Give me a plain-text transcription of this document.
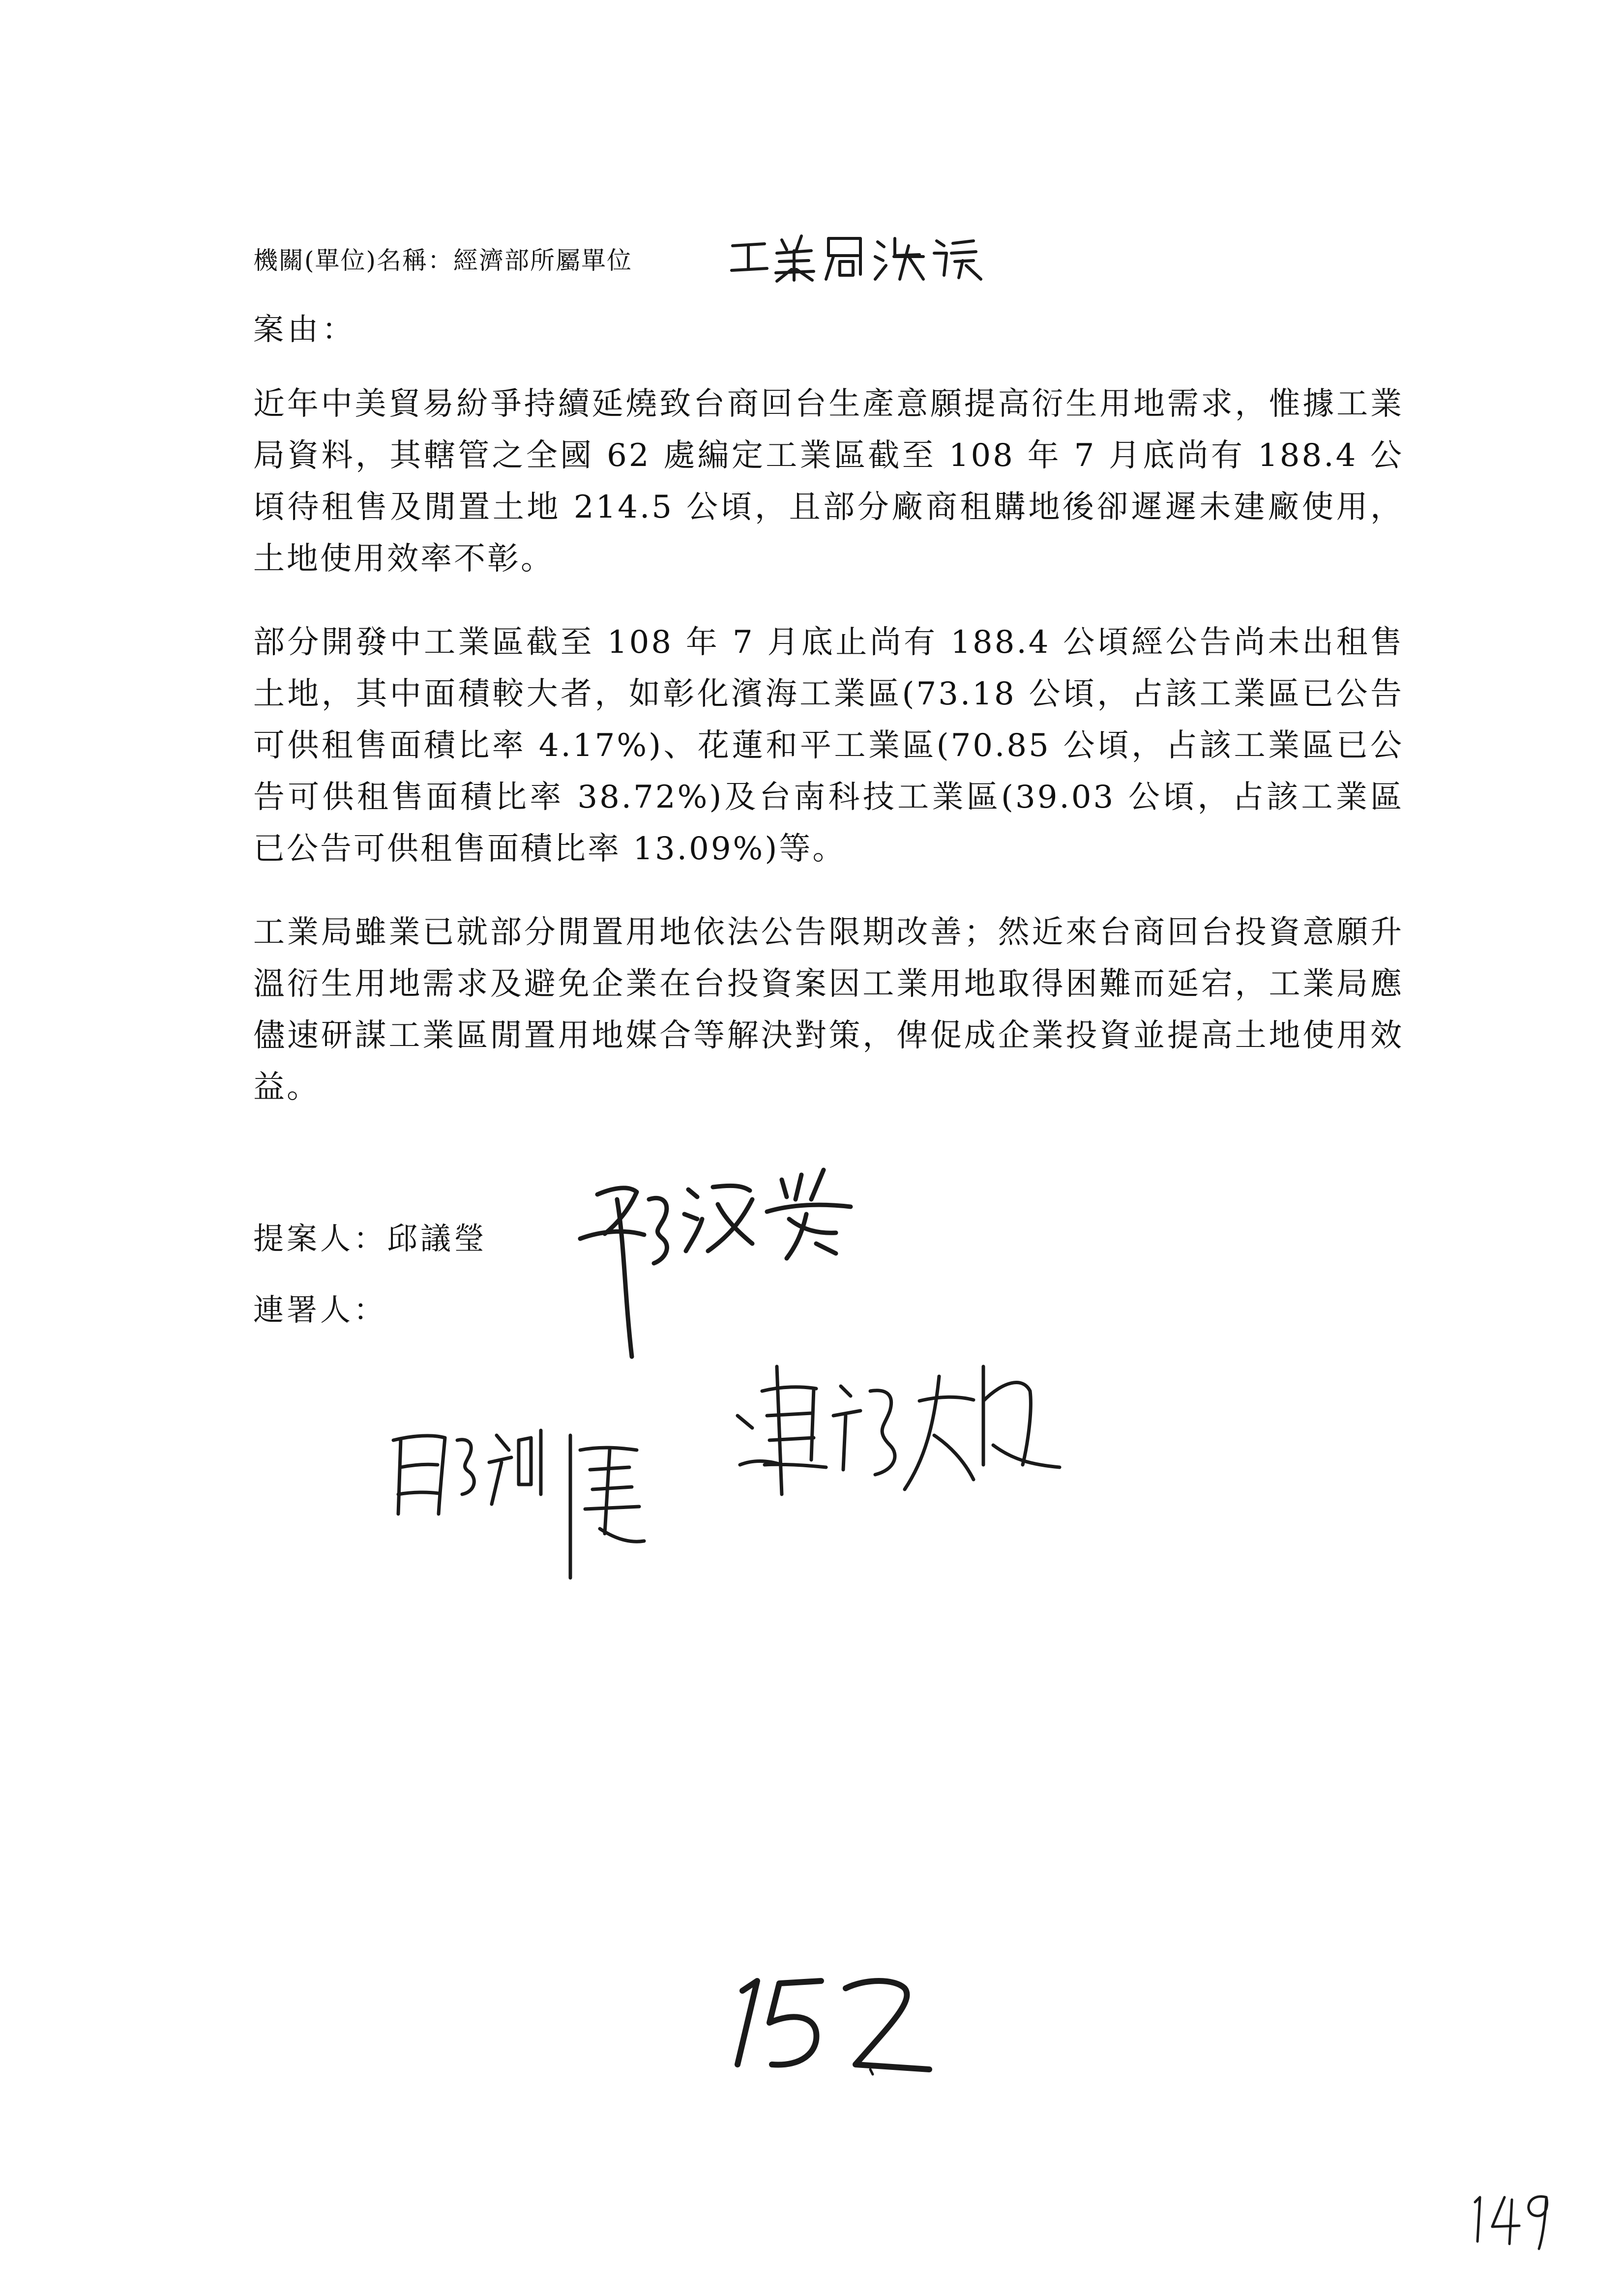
機關(單位)名稱：經濟部所屬單位
案由：
近年中美貿易紛爭持續延燒致台商回台生產意願提高衍生用地需求，惟據工業局資料，其轄管之全國 62 處編定工業區截至 108 年 7 月底尚有 188.4 公頃待租售及閒置土地 214.5 公頃，且部分廠商租購地後卻遲遲未建廠使用，土地使用效率不彰。
部分開發中工業區截至 108 年 7 月底止尚有 188.4 公頃經公告尚未出租售土地，其中面積較大者，如彰化濱海工業區(73.18 公頃，占該工業區已公告可供租售面積比率 4.17%)、花蓮和平工業區(70.85 公頃，占該工業區已公告可供租售面積比率 38.72%)及台南科技工業區(39.03 公頃，占該工業區已公告可供租售面積比率 13.09%)等。
工業局雖業已就部分閒置用地依法公告限期改善；然近來台商回台投資意願升溫衍生用地需求及避免企業在台投資案因工業用地取得困難而延宕，工業局應儘速研謀工業區閒置用地媒合等解決對策，俾促成企業投資並提高土地使用效益。
提案人：邱議瑩
連署人：
